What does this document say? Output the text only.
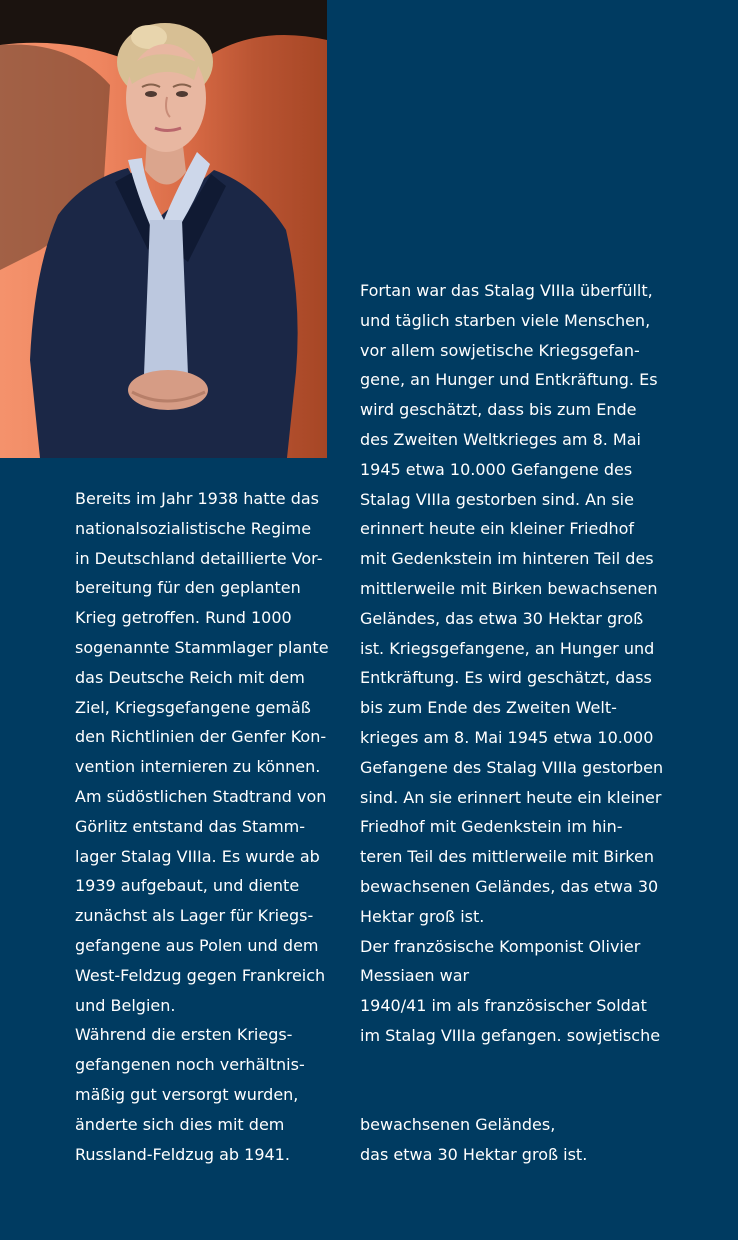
Bereits im Jahr 1938 hatte das
nationalsozialistische Regime
in Deutschland detaillierte Vor-
bereitung für den geplanten
Krieg getroffen. Rund 1000
sogenannte Stammlager plante
das Deutsche Reich mit dem
Ziel, Kriegsgefangene gemäß
den Richtlinien der Genfer Kon-
vention internieren zu können.
Am südöstlichen Stadtrand von
Görlitz entstand das Stamm-
lager Stalag VIIIa. Es wurde ab
1939 aufgebaut, und diente
zunächst als Lager für Kriegs-
gefangene aus Polen und dem
West-Feldzug gegen Frankreich
und Belgien.
Während die ersten Kriegs-
gefangenen noch verhältnis-
mäßig gut versorgt wurden,
änderte sich dies mit dem
Russland-Feldzug ab 1941.
Fortan war das Stalag VIIIa überfüllt,
und täglich starben viele Menschen,
vor allem sowjetische Kriegsgefan-
gene, an Hunger und Entkräftung. Es
wird geschätzt, dass bis zum Ende
des Zweiten Weltkrieges am 8. Mai
1945 etwa 10.000 Gefangene des
Stalag VIIIa gestorben sind. An sie
erinnert heute ein kleiner Friedhof
mit Gedenkstein im hinteren Teil des
mittlerweile mit Birken bewachsenen
Geländes, das etwa 30 Hektar groß
ist. Kriegsgefangene, an Hunger und
Entkräftung. Es wird geschätzt, dass
bis zum Ende des Zweiten Welt-
krieges am 8. Mai 1945 etwa 10.000
Gefangene des Stalag VIIIa gestorben
sind. An sie erinnert heute ein kleiner
Friedhof mit Gedenkstein im hin-
teren Teil des mittlerweile mit Birken
bewachsenen Geländes, das etwa 30
Hektar groß ist.
Der französische Komponist Olivier
Messiaen war
1940/41 im als französischer Soldat
im Stalag VIIIa gefangen. sowjetische
bewachsenen Geländes,
das etwa 30 Hektar groß ist.
